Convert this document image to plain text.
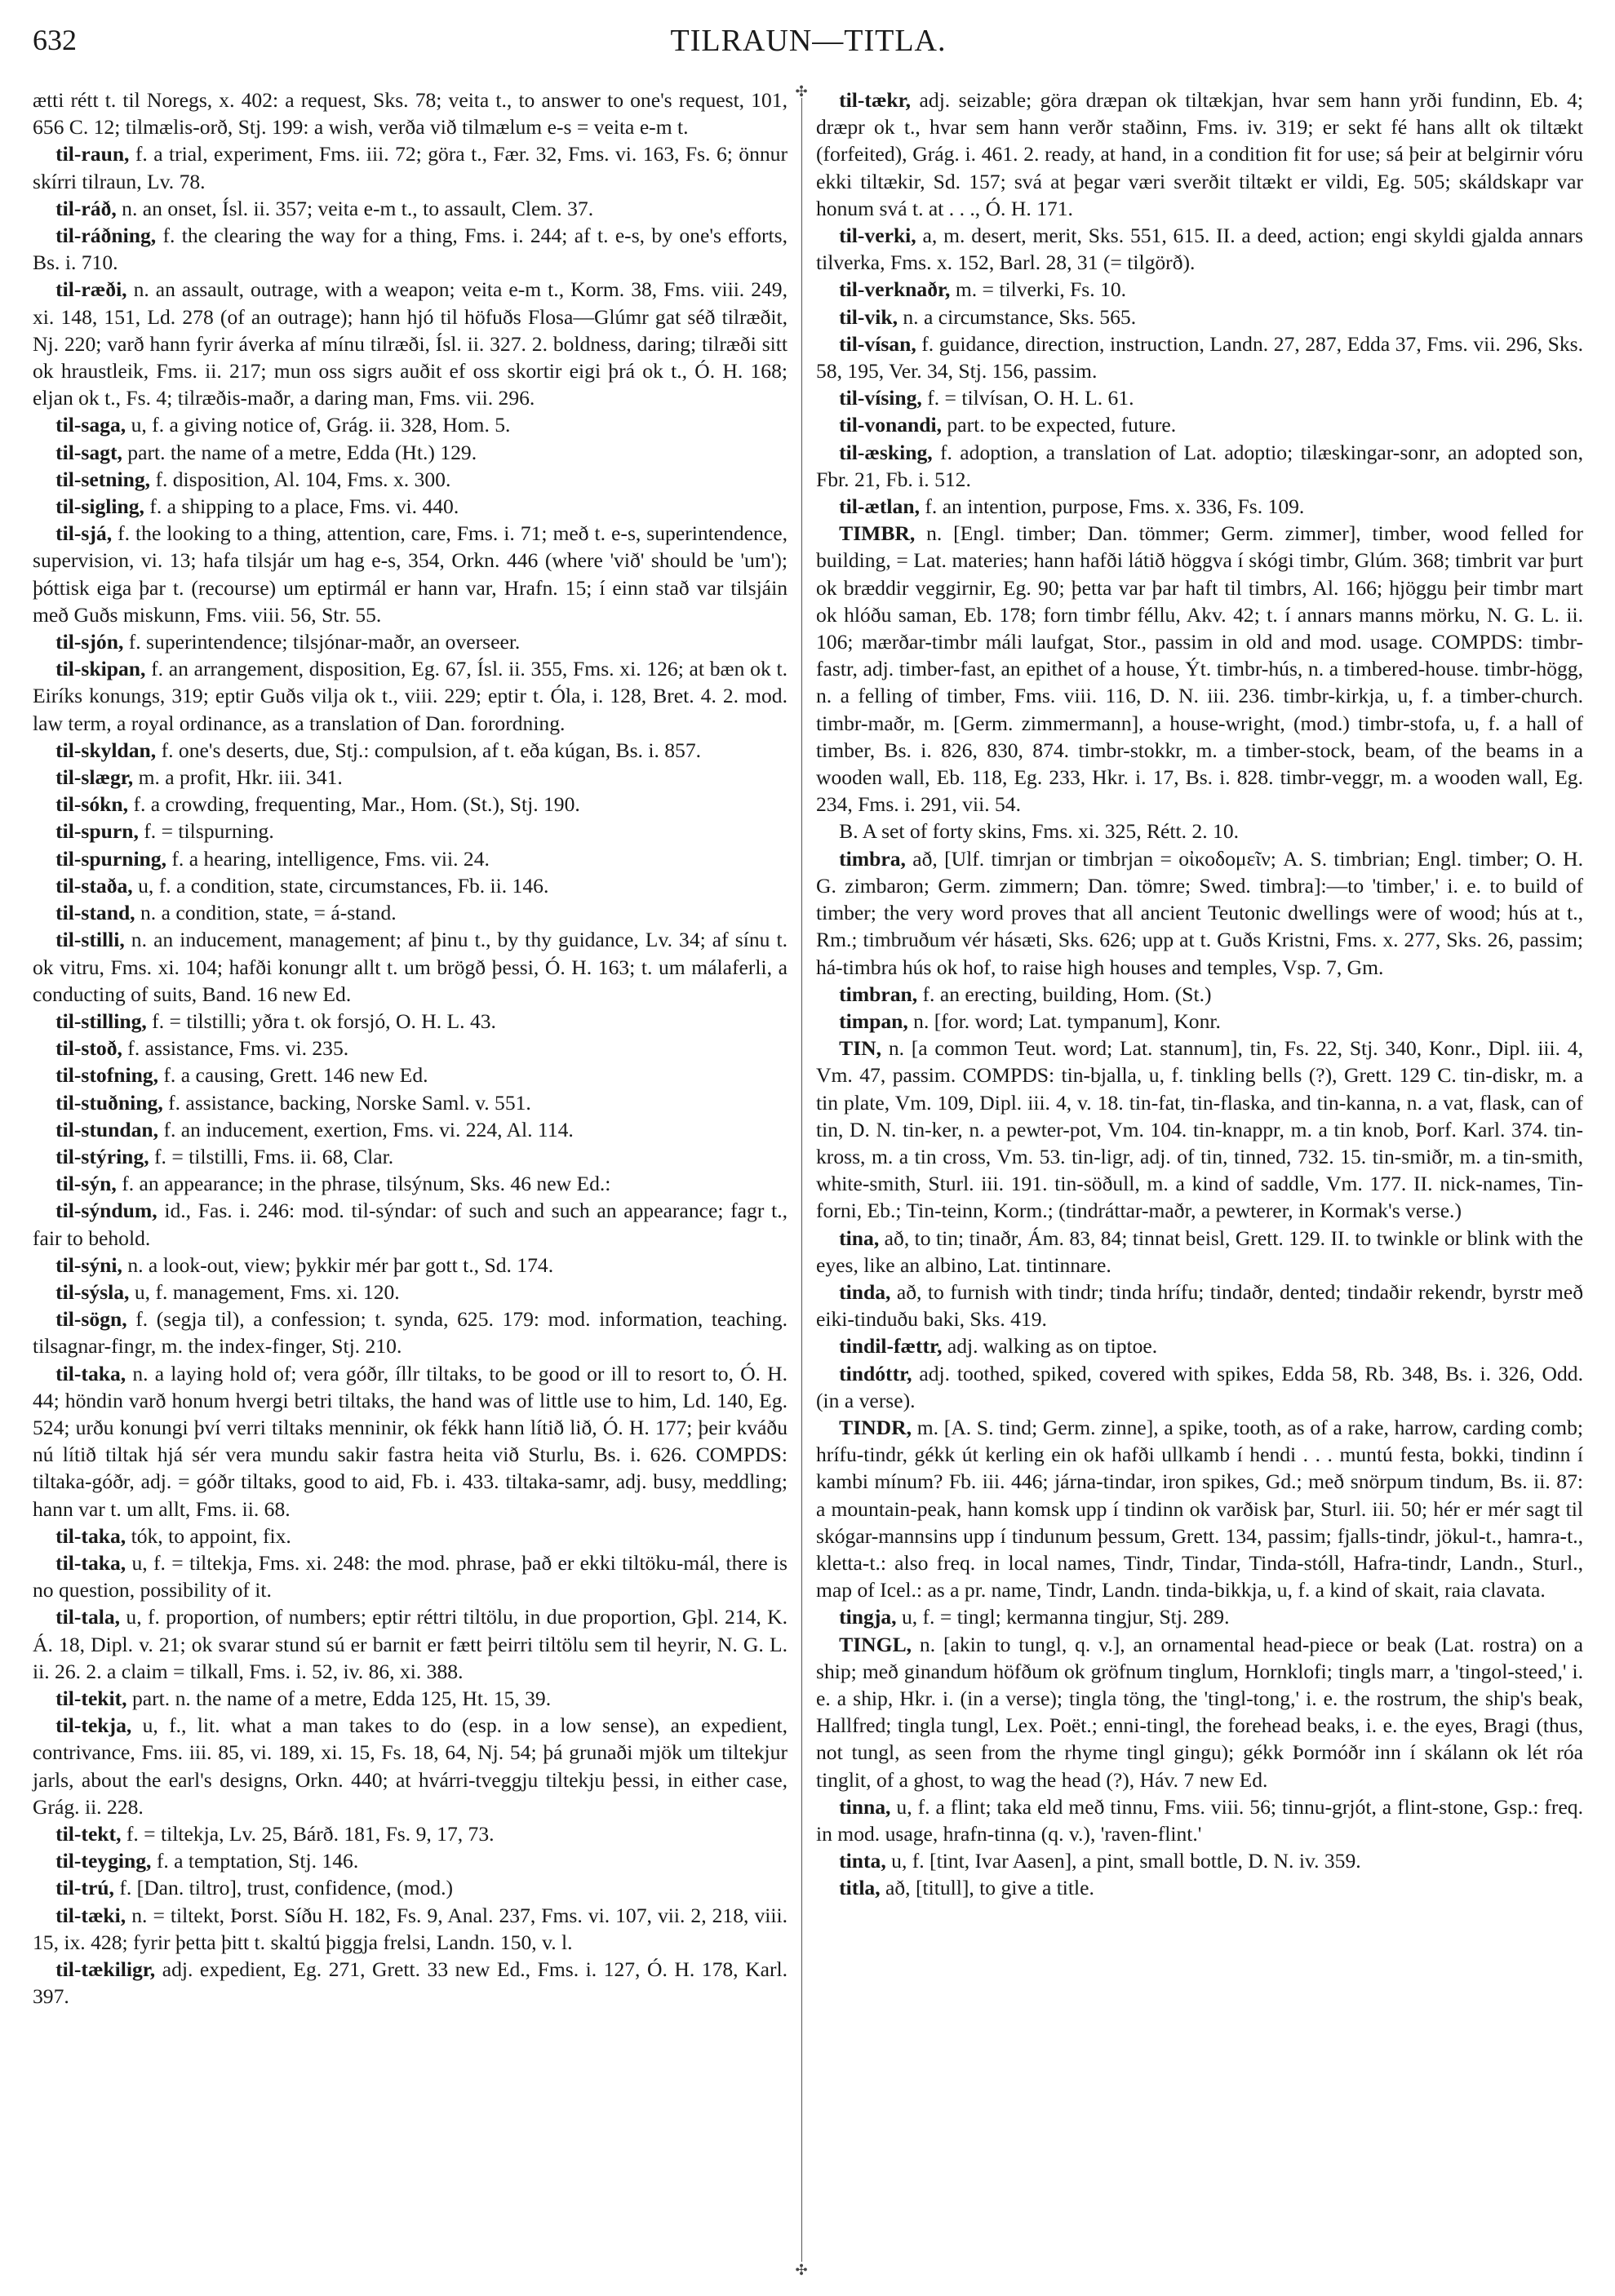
632	TILRAUN—TITLA.
✣
✣

ætti rétt t. til Noregs, x. 402: a request, Sks. 78; veita t., to answer to one's request, 101, 656 C. 12; tilmælis-orð, Stj. 199: a wish, verða við tilmælum e-s = veita e-m t.

til-raun, f. a trial, experiment, Fms. iii. 72; göra t., Fær. 32, Fms. vi. 163, Fs. 6; önnur skírri tilraun, Lv. 78.

til-ráð, n. an onset, Ísl. ii. 357; veita e-m t., to assault, Clem. 37.

til-ráðning, f. the clearing the way for a thing, Fms. i. 244; af t. e-s, by one's efforts, Bs. i. 710.

til-ræði, n. an assault, outrage, with a weapon; veita e-m t., Korm. 38, Fms. viii. 249, xi. 148, 151, Ld. 278 (of an outrage); hann hjó til höfuðs Flosa—Glúmr gat séð tilræðit, Nj. 220; varð hann fyrir áverka af mínu tilræði, Ísl. ii. 327. 2. boldness, daring; tilræði sitt ok hraustleik, Fms. ii. 217; mun oss sigrs auðit ef oss skortir eigi þrá ok t., Ó. H. 168; eljan ok t., Fs. 4; tilræðis-maðr, a daring man, Fms. vii. 296.

til-saga, u, f. a giving notice of, Grág. ii. 328, Hom. 5.

til-sagt, part. the name of a metre, Edda (Ht.) 129.

til-setning, f. disposition, Al. 104, Fms. x. 300.

til-sigling, f. a shipping to a place, Fms. vi. 440.

til-sjá, f. the looking to a thing, attention, care, Fms. i. 71; með t. e-s, superintendence, supervision, vi. 13; hafa tilsjár um hag e-s, 354, Orkn. 446 (where 'við' should be 'um'); þóttisk eiga þar t. (recourse) um eptirmál er hann var, Hrafn. 15; í einn stað var tilsjáin með Guðs miskunn, Fms. viii. 56, Str. 55.

til-sjón, f. superintendence; tilsjónar-maðr, an overseer.

til-skipan, f. an arrangement, disposition, Eg. 67, Ísl. ii. 355, Fms. xi. 126; at bæn ok t. Eiríks konungs, 319; eptir Guðs vilja ok t., viii. 229; eptir t. Óla, i. 128, Bret. 4. 2. mod. law term, a royal ordinance, as a translation of Dan. forordning.

til-skyldan, f. one's deserts, due, Stj.: compulsion, af t. eða kúgan, Bs. i. 857.

til-slægr, m. a profit, Hkr. iii. 341.

til-sókn, f. a crowding, frequenting, Mar., Hom. (St.), Stj. 190.

til-spurn, f. = tilspurning.

til-spurning, f. a hearing, intelligence, Fms. vii. 24.

til-staða, u, f. a condition, state, circumstances, Fb. ii. 146.

til-stand, n. a condition, state, = á-stand.

til-stilli, n. an inducement, management; af þinu t., by thy guidance, Lv. 34; af sínu t. ok vitru, Fms. xi. 104; hafði konungr allt t. um brögð þessi, Ó. H. 163; t. um málaferli, a conducting of suits, Band. 16 new Ed.

til-stilling, f. = tilstilli; yðra t. ok forsjó, O. H. L. 43.

til-stoð, f. assistance, Fms. vi. 235.

til-stofning, f. a causing, Grett. 146 new Ed.

til-stuðning, f. assistance, backing, Norske Saml. v. 551.

til-stundan, f. an inducement, exertion, Fms. vi. 224, Al. 114.

til-stýring, f. = tilstilli, Fms. ii. 68, Clar.

til-sýn, f. an appearance; in the phrase, tilsýnum, Sks. 46 new Ed.:

til-sýndum, id., Fas. i. 246: mod. til-sýndar: of such and such an appearance; fagr t., fair to behold.

til-sýni, n. a look-out, view; þykkir mér þar gott t., Sd. 174.

til-sýsla, u, f. management, Fms. xi. 120.

til-sögn, f. (segja til), a confession; t. synda, 625. 179: mod. information, teaching. tilsagnar-fingr, m. the index-finger, Stj. 210.

til-taka, n. a laying hold of; vera góðr, íllr tiltaks, to be good or ill to resort to, Ó. H. 44; höndin varð honum hvergi betri tiltaks, the hand was of little use to him, Ld. 140, Eg. 524; urðu konungi því verri tiltaks menninir, ok fékk hann lítið lið, Ó. H. 177; þeir kváðu nú lítið tiltak hjá sér vera mundu sakir fastra heita við Sturlu, Bs. i. 626. COMPDS: tiltaka-góðr, adj. = góðr tiltaks, good to aid, Fb. i. 433. tiltaka-samr, adj. busy, meddling; hann var t. um allt, Fms. ii. 68.

til-taka, tók, to appoint, fix.

til-taka, u, f. = tiltekja, Fms. xi. 248: the mod. phrase, það er ekki tiltöku-mál, there is no question, possibility of it.

til-tala, u, f. proportion, of numbers; eptir réttri tiltölu, in due proportion, Gþl. 214, K. Á. 18, Dipl. v. 21; ok svarar stund sú er barnit er fætt þeirri tiltölu sem til heyrir, N. G. L. ii. 26. 2. a claim = tilkall, Fms. i. 52, iv. 86, xi. 388.

til-tekit, part. n. the name of a metre, Edda 125, Ht. 15, 39.

til-tekja, u, f., lit. what a man takes to do (esp. in a low sense), an expedient, contrivance, Fms. iii. 85, vi. 189, xi. 15, Fs. 18, 64, Nj. 54; þá grunaði mjök um tiltekjur jarls, about the earl's designs, Orkn. 440; at hvárri-tveggju tiltekju þessi, in either case, Grág. ii. 228.

til-tekt, f. = tiltekja, Lv. 25, Bárð. 181, Fs. 9, 17, 73.

til-teyging, f. a temptation, Stj. 146.

til-trú, f. [Dan. tiltro], trust, confidence, (mod.)

til-tæki, n. = tiltekt, Þorst. Síðu H. 182, Fs. 9, Anal. 237, Fms. vi. 107, vii. 2, 218, viii. 15, ix. 428; fyrir þetta þitt t. skaltú þiggja frelsi, Landn. 150, v. l.

til-tækiligr, adj. expedient, Eg. 271, Grett. 33 new Ed., Fms. i. 127, Ó. H. 178, Karl. 397.

til-tækr, adj. seizable; göra dræpan ok tiltækjan, hvar sem hann yrði fundinn, Eb. 4; dræpr ok t., hvar sem hann verðr staðinn, Fms. iv. 319; er sekt fé hans allt ok tiltækt (forfeited), Grág. i. 461. 2. ready, at hand, in a condition fit for use; sá þeir at belgirnir vóru ekki tiltækir, Sd. 157; svá at þegar væri sverðit tiltækt er vildi, Eg. 505; skáldskapr var honum svá t. at . . ., Ó. H. 171.

til-verki, a, m. desert, merit, Sks. 551, 615. II. a deed, action; engi skyldi gjalda annars tilverka, Fms. x. 152, Barl. 28, 31 (= tilgörð).

til-verknaðr, m. = tilverki, Fs. 10.

til-vik, n. a circumstance, Sks. 565.

til-vísan, f. guidance, direction, instruction, Landn. 27, 287, Edda 37, Fms. vii. 296, Sks. 58, 195, Ver. 34, Stj. 156, passim.

til-vísing, f. = tilvísan, O. H. L. 61.

til-vonandi, part. to be expected, future.

til-æsking, f. adoption, a translation of Lat. adoptio; tilæskingar-sonr, an adopted son, Fbr. 21, Fb. i. 512.

til-ætlan, f. an intention, purpose, Fms. x. 336, Fs. 109.

TIMBR, n. [Engl. timber; Dan. tömmer; Germ. zimmer], timber, wood felled for building, = Lat. materies; hann hafði látið höggva í skógi timbr, Glúm. 368; timbrit var þurt ok bræddir veggirnir, Eg. 90; þetta var þar haft til timbrs, Al. 166; hjöggu þeir timbr mart ok hlóðu saman, Eb. 178; forn timbr féllu, Akv. 42; t. í annars manns mörku, N. G. L. ii. 106; mærðar-timbr máli laufgat, Stor., passim in old and mod. usage. COMPDS: timbr-fastr, adj. timber-fast, an epithet of a house, Ýt. timbr-hús, n. a timbered-house. timbr-högg, n. a felling of timber, Fms. viii. 116, D. N. iii. 236. timbr-kirkja, u, f. a timber-church. timbr-maðr, m. [Germ. zimmermann], a house-wright, (mod.) timbr-stofa, u, f. a hall of timber, Bs. i. 826, 830, 874. timbr-stokkr, m. a timber-stock, beam, of the beams in a wooden wall, Eb. 118, Eg. 233, Hkr. i. 17, Bs. i. 828. timbr-veggr, m. a wooden wall, Eg. 234, Fms. i. 291, vii. 54.

B. A set of forty skins, Fms. xi. 325, Rétt. 2. 10.

timbra, að, [Ulf. timrjan or timbrjan = οἰκοδομεῖν; A. S. timbrian; Engl. timber; O. H. G. zimbaron; Germ. zimmern; Dan. tömre; Swed. timbra]:—to 'timber,' i. e. to build of timber; the very word proves that all ancient Teutonic dwellings were of wood; hús at t., Rm.; timbruðum vér hásæti, Sks. 626; upp at t. Guðs Kristni, Fms. x. 277, Sks. 26, passim; há-timbra hús ok hof, to raise high houses and temples, Vsp. 7, Gm.

timbran, f. an erecting, building, Hom. (St.)

timpan, n. [for. word; Lat. tympanum], Konr.

TIN, n. [a common Teut. word; Lat. stannum], tin, Fs. 22, Stj. 340, Konr., Dipl. iii. 4, Vm. 47, passim. COMPDS: tin-bjalla, u, f. tinkling bells (?), Grett. 129 C. tin-diskr, m. a tin plate, Vm. 109, Dipl. iii. 4, v. 18. tin-fat, tin-flaska, and tin-kanna, n. a vat, flask, can of tin, D. N. tin-ker, n. a pewter-pot, Vm. 104. tin-knappr, m. a tin knob, Þorf. Karl. 374. tin-kross, m. a tin cross, Vm. 53. tin-ligr, adj. of tin, tinned, 732. 15. tin-smiðr, m. a tin-smith, white-smith, Sturl. iii. 191. tin-söðull, m. a kind of saddle, Vm. 177. II. nick-names, Tin-forni, Eb.; Tin-teinn, Korm.; (tindráttar-maðr, a pewterer, in Kormak's verse.)

tina, að, to tin; tinaðr, Ám. 83, 84; tinnat beisl, Grett. 129. II. to twinkle or blink with the eyes, like an albino, Lat. tintinnare.

tinda, að, to furnish with tindr; tinda hrífu; tindaðr, dented; tindaðir rekendr, byrstr með eiki-tinduðu baki, Sks. 419.

tindil-fættr, adj. walking as on tiptoe.

tindóttr, adj. toothed, spiked, covered with spikes, Edda 58, Rb. 348, Bs. i. 326, Odd. (in a verse).

TINDR, m. [A. S. tind; Germ. zinne], a spike, tooth, as of a rake, harrow, carding comb; hrífu-tindr, gékk út kerling ein ok hafði ullkamb í hendi . . . muntú festa, bokki, tindinn í kambi mínum? Fb. iii. 446; járna-tindar, iron spikes, Gd.; með snörpum tindum, Bs. ii. 87: a mountain-peak, hann komsk upp í tindinn ok varðisk þar, Sturl. iii. 50; hér er mér sagt til skógar-mannsins upp í tindunum þessum, Grett. 134, passim; fjalls-tindr, jökul-t., hamra-t., kletta-t.: also freq. in local names, Tindr, Tindar, Tinda-stóll, Hafra-tindr, Landn., Sturl., map of Icel.: as a pr. name, Tindr, Landn. tinda-bikkja, u, f. a kind of skait, raia clavata.

tingja, u, f. = tingl; kermanna tingjur, Stj. 289.

TINGL, n. [akin to tungl, q. v.], an ornamental head-piece or beak (Lat. rostra) on a ship; með ginandum höfðum ok gröfnum tinglum, Hornklofi; tingls marr, a 'tingol-steed,' i. e. a ship, Hkr. i. (in a verse); tingla töng, the 'tingl-tong,' i. e. the rostrum, the ship's beak, Hallfred; tingla tungl, Lex. Poët.; enni-tingl, the forehead beaks, i. e. the eyes, Bragi (thus, not tungl, as seen from the rhyme tingl gingu); gékk Þormóðr inn í skálann ok lét róa tinglit, of a ghost, to wag the head (?), Háv. 7 new Ed.

tinna, u, f. a flint; taka eld með tinnu, Fms. viii. 56; tinnu-grjót, a flint-stone, Gsp.: freq. in mod. usage, hrafn-tinna (q. v.), 'raven-flint.'

tinta, u, f. [tint, Ivar Aasen], a pint, small bottle, D. N. iv. 359.

titla, að, [titull], to give a title.
